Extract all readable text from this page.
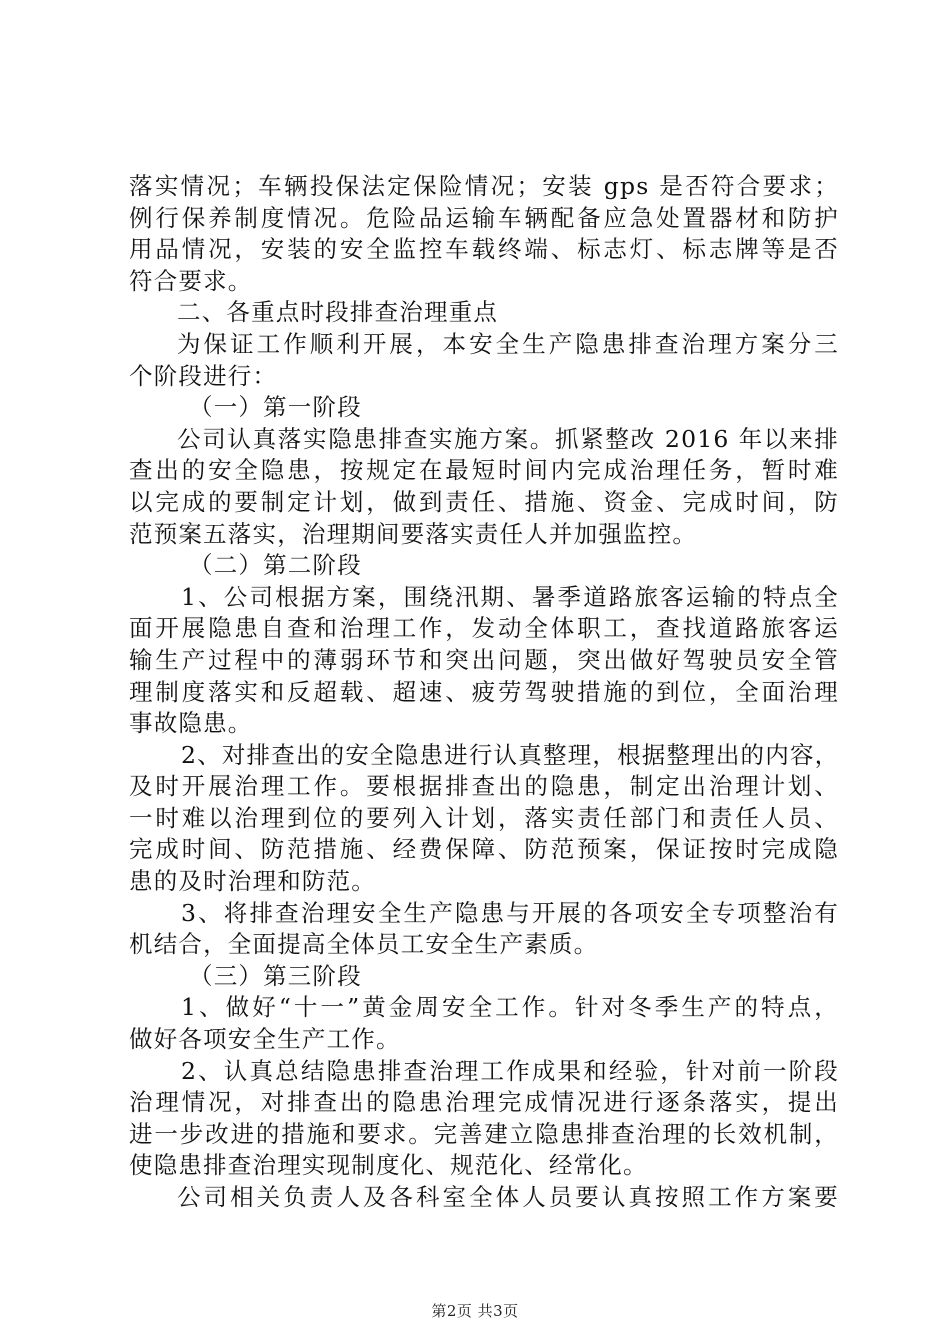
落实情况；车辆投保法定保险情况；安装 gps 是否符合要求；
例行保养制度情况。危险品运输车辆配备应急处置器材和防护
用品情况，安装的安全监控车载终端、标志灯、标志牌等是否
符合要求。
二、各重点时段排查治理重点
为保证工作顺利开展，本安全生产隐患排查治理方案分三
个阶段进行：
（一）第一阶段
公司认真落实隐患排查实施方案。抓紧整改 2016 年以来排
查出的安全隐患，按规定在最短时间内完成治理任务，暂时难
以完成的要制定计划，做到责任、措施、资金、完成时间，防
范预案五落实，治理期间要落实责任人并加强监控。
（二）第二阶段
1、公司根据方案，围绕汛期、暑季道路旅客运输的特点全
面开展隐患自查和治理工作，发动全体职工，查找道路旅客运
输生产过程中的薄弱环节和突出问题，突出做好驾驶员安全管
理制度落实和反超载、超速、疲劳驾驶措施的到位，全面治理
事故隐患。
2、对排查出的安全隐患进行认真整理，根据整理出的内容，
及时开展治理工作。要根据排查出的隐患，制定出治理计划、
一时难以治理到位的要列入计划，落实责任部门和责任人员、
完成时间、防范措施、经费保障、防范预案，保证按时完成隐
患的及时治理和防范。
3、将排查治理安全生产隐患与开展的各项安全专项整治有
机结合，全面提高全体员工安全生产素质。
（三）第三阶段
1、做好“十一”黄金周安全工作。针对冬季生产的特点，
做好各项安全生产工作。
2、认真总结隐患排查治理工作成果和经验，针对前一阶段
治理情况，对排查出的隐患治理完成情况进行逐条落实，提出
进一步改进的措施和要求。完善建立隐患排查治理的长效机制，
使隐患排查治理实现制度化、规范化、经常化。
公司相关负责人及各科室全体人员要认真按照工作方案要
第2页 共3页
